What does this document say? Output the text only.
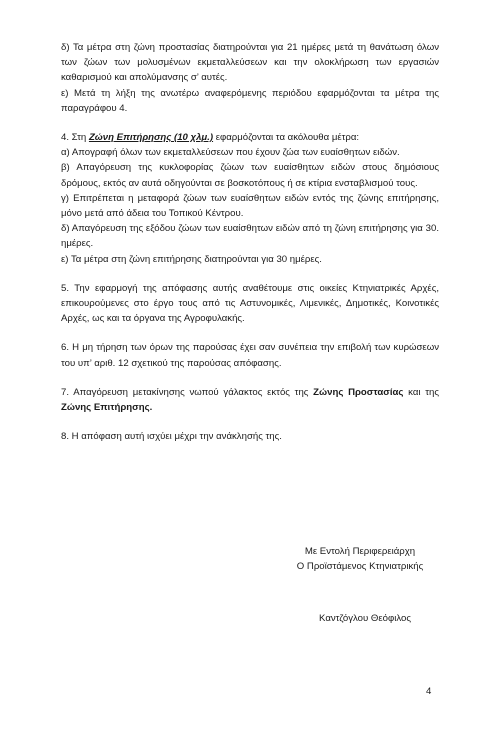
δ) Τα μέτρα στη ζώνη προστασίας διατηρούνται για 21 ημέρες μετά τη θανάτωση όλων των ζώων των μολυσμένων εκμεταλλεύσεων και την ολοκλήρωση των εργασιών καθαρισμού και απολύμανσης σ’ αυτές.

ε) Μετά τη λήξη της ανωτέρω αναφερόμενης περιόδου εφαρμόζονται τα μέτρα της παραγράφου 4.

4. Στη Ζώνη Επιτήρησης (10 χλμ.) εφαρμόζονται τα ακόλουθα μέτρα:

α) Απογραφή όλων των εκμεταλλεύσεων που έχουν ζώα των ευαίσθητων ειδών.

β) Απαγόρευση της κυκλοφορίας ζώων των ευαίσθητων ειδών στους δημόσιους δρόμους, εκτός αν αυτά οδηγούνται σε βοσκοτόπους ή σε κτίρια ενσταβλισμού τους.

γ) Επιτρέπεται η μεταφορά ζώων των ευαίσθητων ειδών εντός της ζώνης επιτήρησης, μόνο μετά από άδεια του Τοπικού Κέντρου.

δ) Απαγόρευση της εξόδου ζώων των ευαίσθητων ειδών από τη ζώνη επιτήρησης για 30. ημέρες.

ε) Τα μέτρα στη ζώνη επιτήρησης διατηρούνται για 30 ημέρες.

5. Την εφαρμογή της απόφασης αυτής αναθέτουμε στις οικείες Κτηνιατρικές Αρχές, επικουρούμενες στο έργο τους από τις Αστυνομικές, Λιμενικές, Δημοτικές, Κοινοτικές Αρχές, ως και τα όργανα της Αγροφυλακής.

6. Η μη τήρηση των όρων της παρούσας έχει σαν συνέπεια την επιβολή των κυρώσεων του υπ’ αριθ. 12 σχετικού της παρούσας απόφασης.

7. Απαγόρευση μετακίνησης νωπού γάλακτος εκτός της Ζώνης Προστασίας και της Ζώνης Επιτήρησης.

8. Η απόφαση αυτή ισχύει μέχρι την ανάκλησής της.

Με Εντολή Περιφερειάρχη
Ο Προϊστάμενος Κτηνιατρικής
Καντζόγλου Θεόφιλος
4
